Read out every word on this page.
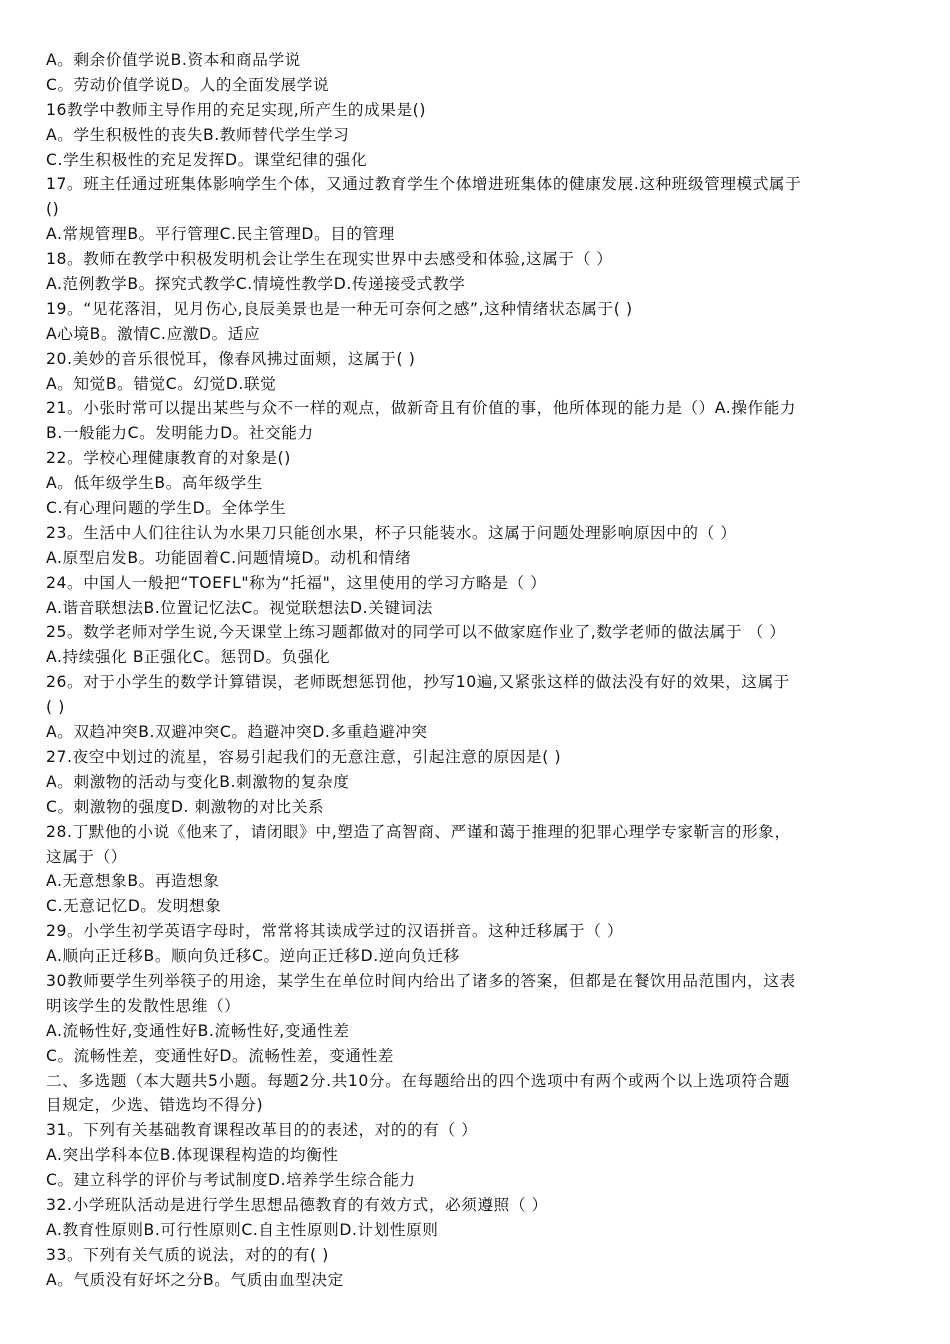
A。剩余价值学说B.资本和商品学说
C。劳动价值学说D。人的全面发展学说
16教学中教师主导作用的充足实现,所产生的成果是()
A。学生积极性的丧失B.教师替代学生学习
C.学生积极性的充足发挥D。课堂纪律的强化
17。班主任通过班集体影响学生个体，又通过教育学生个体增进班集体的健康发展.这种班级管理模式属于
()
A.常规管理B。平行管理C.民主管理D。目的管理
18。教师在教学中积极发明机会让学生在现实世界中去感受和体验,这属于（ ）
A.范例教学B。探究式教学C.情境性教学D.传递接受式教学
19。“见花落泪，见月伤心,良辰美景也是一种无可奈何之感”,这种情绪状态属于( )
A心境B。激情C.应激D。适应
20.美妙的音乐很悦耳，像春风拂过面颊，这属于( )
A。知觉B。错觉C。幻觉D.联觉
21。小张时常可以提出某些与众不一样的观点，做新奇且有价值的事，他所体现的能力是（）A.操作能力
B.一般能力C。发明能力D。社交能力
22。学校心理健康教育的对象是()
A。低年级学生B。高年级学生
C.有心理问题的学生D。全体学生
23。生活中人们往往认为水果刀只能创水果，杯子只能装水。这属于问题处理影响原因中的（ ）
A.原型启发B。功能固着C.问题情境D。动机和情绪
24。中国人一般把“TOEFL"称为“托福"，这里使用的学习方略是（ ）
A.谐音联想法B.位置记忆法C。视觉联想法D.关键词法
25。数学老师对学生说,今天课堂上练习题都做对的同学可以不做家庭作业了,数学老师的做法属于 （ ）
A.持续强化 B正强化C。惩罚D。负强化
26。对于小学生的数学计算错误，老师既想惩罚他，抄写10遍,又紧张这样的做法没有好的效果，这属于
( )
A。双趋冲突B.双避冲突C。趋避冲突D.多重趋避冲突
27.夜空中划过的流星，容易引起我们的无意注意，引起注意的原因是( )
A。刺激物的活动与变化B.刺激物的复杂度
C。刺激物的强度D. 刺激物的对比关系
28.丁默他的小说《他来了，请闭眼》中,塑造了高智商、严谨和蔼于推理的犯罪心理学专家靳言的形象，
这属于（）
A.无意想象B。再造想象
C.无意记忆D。发明想象
29。小学生初学英语字母时，常常将其读成学过的汉语拼音。这种迁移属于（ ）
A.顺向正迁移B。顺向负迁移C。逆向正迁移D.逆向负迁移
30教师要学生列举筷子的用途，某学生在单位时间内给出了诸多的答案，但都是在餐饮用品范围内，这表
明该学生的发散性思维（）
A.流畅性好,变通性好B.流畅性好,变通性差
C。流畅性差，变通性好D。流畅性差，变通性差
二、多选题（本大题共5小题。每题2分.共10分。在每题给出的四个选项中有两个或两个以上选项符合题
目规定，少选、错选均不得分)
31。下列有关基础教育课程改革目的的表述，对的的有（ ）
A.突出学科本位B.体现课程构造的均衡性
C。建立科学的评价与考试制度D.培养学生综合能力
32.小学班队活动是进行学生思想品德教育的有效方式，必须遵照（ ）
A.教育性原则B.可行性原则C.自主性原则D.计划性原则
33。下列有关气质的说法，对的的有( )
A。气质没有好坏之分B。气质由血型决定
